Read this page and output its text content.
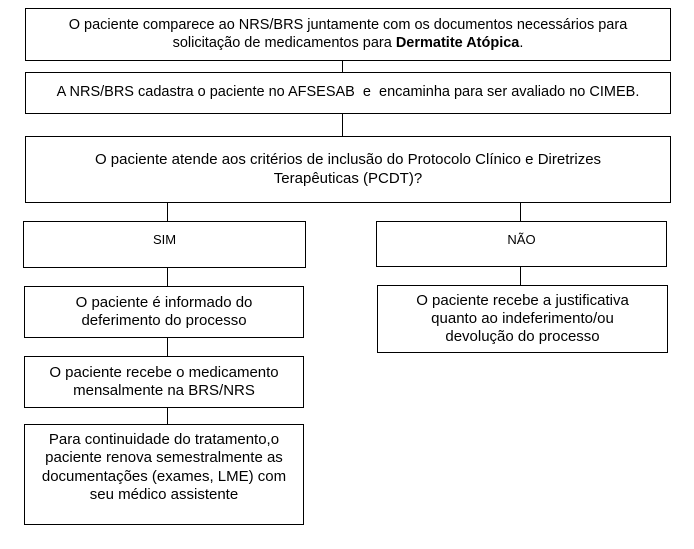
O paciente comparece ao NRS/BRS juntamente com os documentos necessários para
solicitação de medicamentos para Dermatite Atópica.
A NRS/BRS cadastra o paciente no AFSESAB  e  encaminha para ser avaliado no CIMEB.
O paciente atende aos critérios de inclusão do Protocolo Clínico e Diretrizes
Terapêuticas (PCDT)?
SIM	NÃO
O paciente é informado do
deferimento do processo
O paciente recebe o medicamento
mensalmente na BRS/NRS
Para continuidade do tratamento,o
paciente renova semestralmente as
documentações (exames, LME) com
seu médico assistente
O paciente recebe a justificativa
quanto ao indeferimento/ou
devolução do processo
